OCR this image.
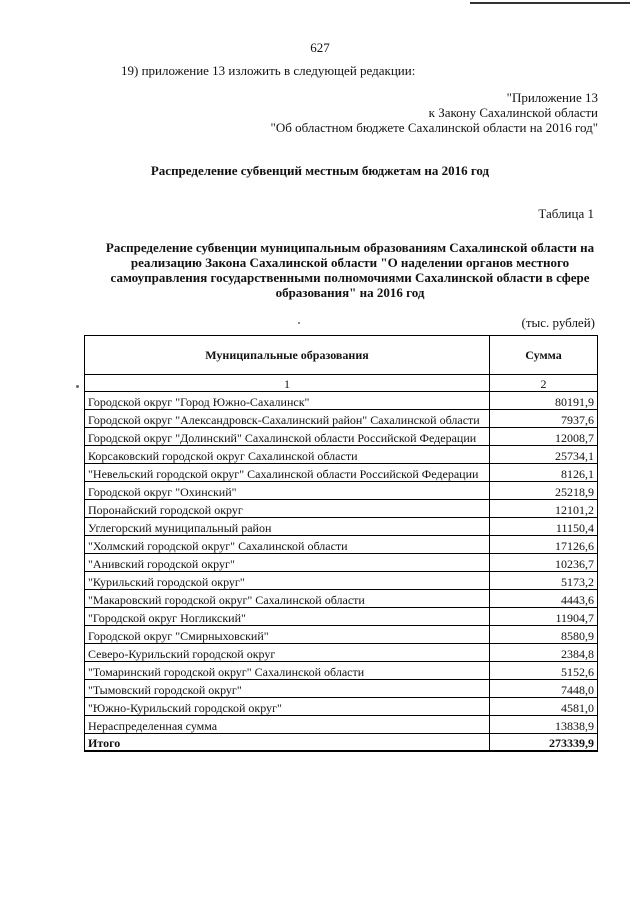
627
19) приложение 13 изложить в следующей редакции:
"Приложение 13
к Закону Сахалинской области
"Об областном бюджете Сахалинской области на 2016 год"
Распределение субвенций местным бюджетам на 2016 год
Таблица 1
Распределение субвенции муниципальным образованиям Сахалинской области на
реализацию Закона Сахалинской области "О наделении органов местного
самоуправления государственными полномочиями Сахалинской области в сфере
образования" на 2016 год
(тыс. рублей)
Муниципальные образования	Сумма
1	2
Городской округ "Город Южно-Сахалинск"	80191,9
Городской округ "Александровск-Сахалинский район" Сахалинской области	7937,6
Городской округ "Долинский" Сахалинской области Российской Федерации	12008,7
Корсаковский городской округ Сахалинской области	25734,1
"Невельский городской округ" Сахалинской области Российской Федерации	8126,1
Городской округ "Охинский"	25218,9
Поронайский городской округ	12101,2
Углегорский муниципальный район	11150,4
"Холмский городской округ" Сахалинской области	17126,6
"Анивский городской округ"	10236,7
"Курильский городской округ"	5173,2
"Макаровский городской округ" Сахалинской области	4443,6
"Городской округ Ногликский"	11904,7
Городской округ "Смирныховский"	8580,9
Северо-Курильский городской округ	2384,8
"Томаринский городской округ" Сахалинской области	5152,6
"Тымовский городской округ"	7448,0
"Южно-Курильский городской округ"	4581,0
Нераспределенная сумма	13838,9
Итого	273339,9
